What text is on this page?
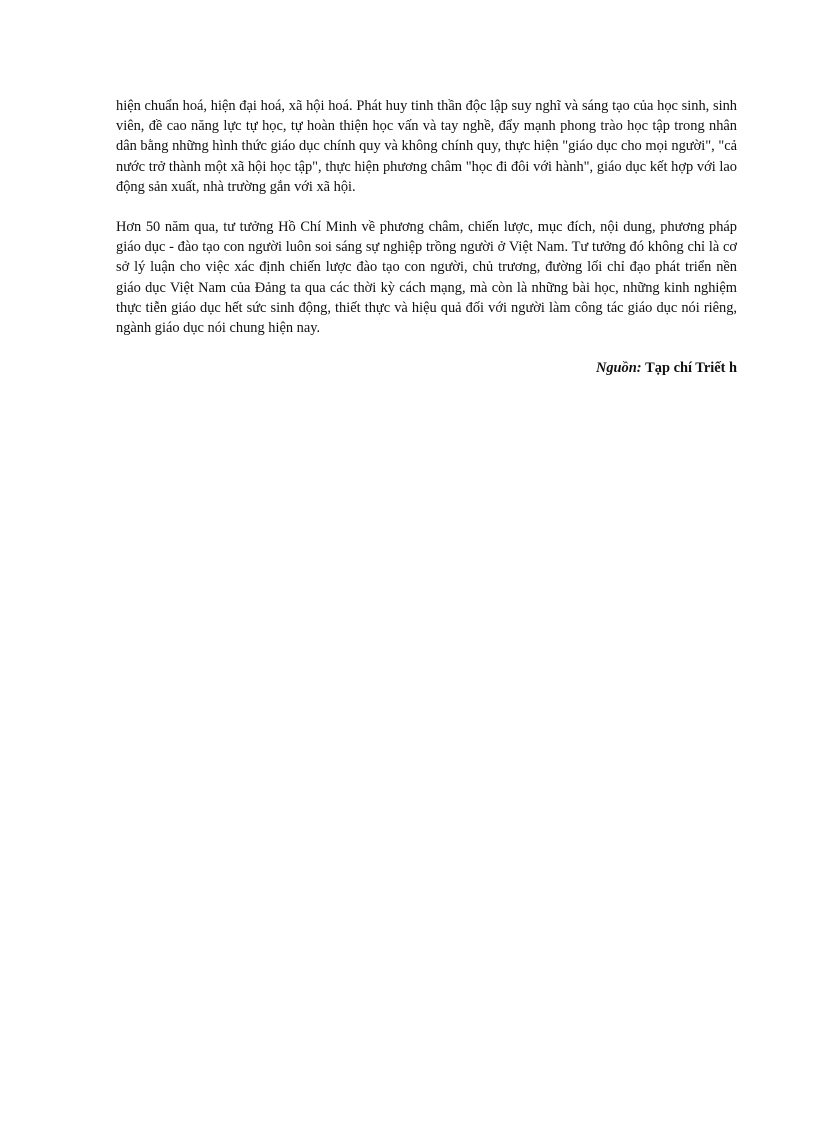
hiện chuẩn hoá, hiện đại hoá, xã hội hoá. Phát huy tinh thần độc lập suy nghĩ và sáng tạo của học sinh, sinh viên, đề cao năng lực tự học, tự hoàn thiện học vấn và tay nghề, đẩy mạnh phong trào học tập trong nhân dân bằng những hình thức giáo dục chính quy và không chính quy, thực hiện "giáo dục cho mọi người", "cả nước trở thành một xã hội học tập", thực hiện phương châm "học đi đôi với hành", giáo dục kết hợp với lao động sản xuất, nhà trường gắn với xã hội.

Hơn 50 năm qua, tư tưởng Hồ Chí Minh về phương châm, chiến lược, mục đích, nội dung, phương pháp giáo dục - đào tạo con người luôn soi sáng sự nghiệp trồng người ở Việt Nam. Tư tưởng đó không chỉ là cơ sở lý luận cho việc xác định chiến lược đào tạo con người, chủ trương, đường lối chỉ đạo phát triển nền giáo dục Việt Nam của Đảng ta qua các thời kỳ cách mạng, mà còn là những bài học, những kinh nghiệm thực tiễn giáo dục hết sức sinh động, thiết thực và hiệu quả đối với người làm công tác giáo dục nói riêng, ngành giáo dục nói chung hiện nay.

Nguồn: Tạp chí Triết h
